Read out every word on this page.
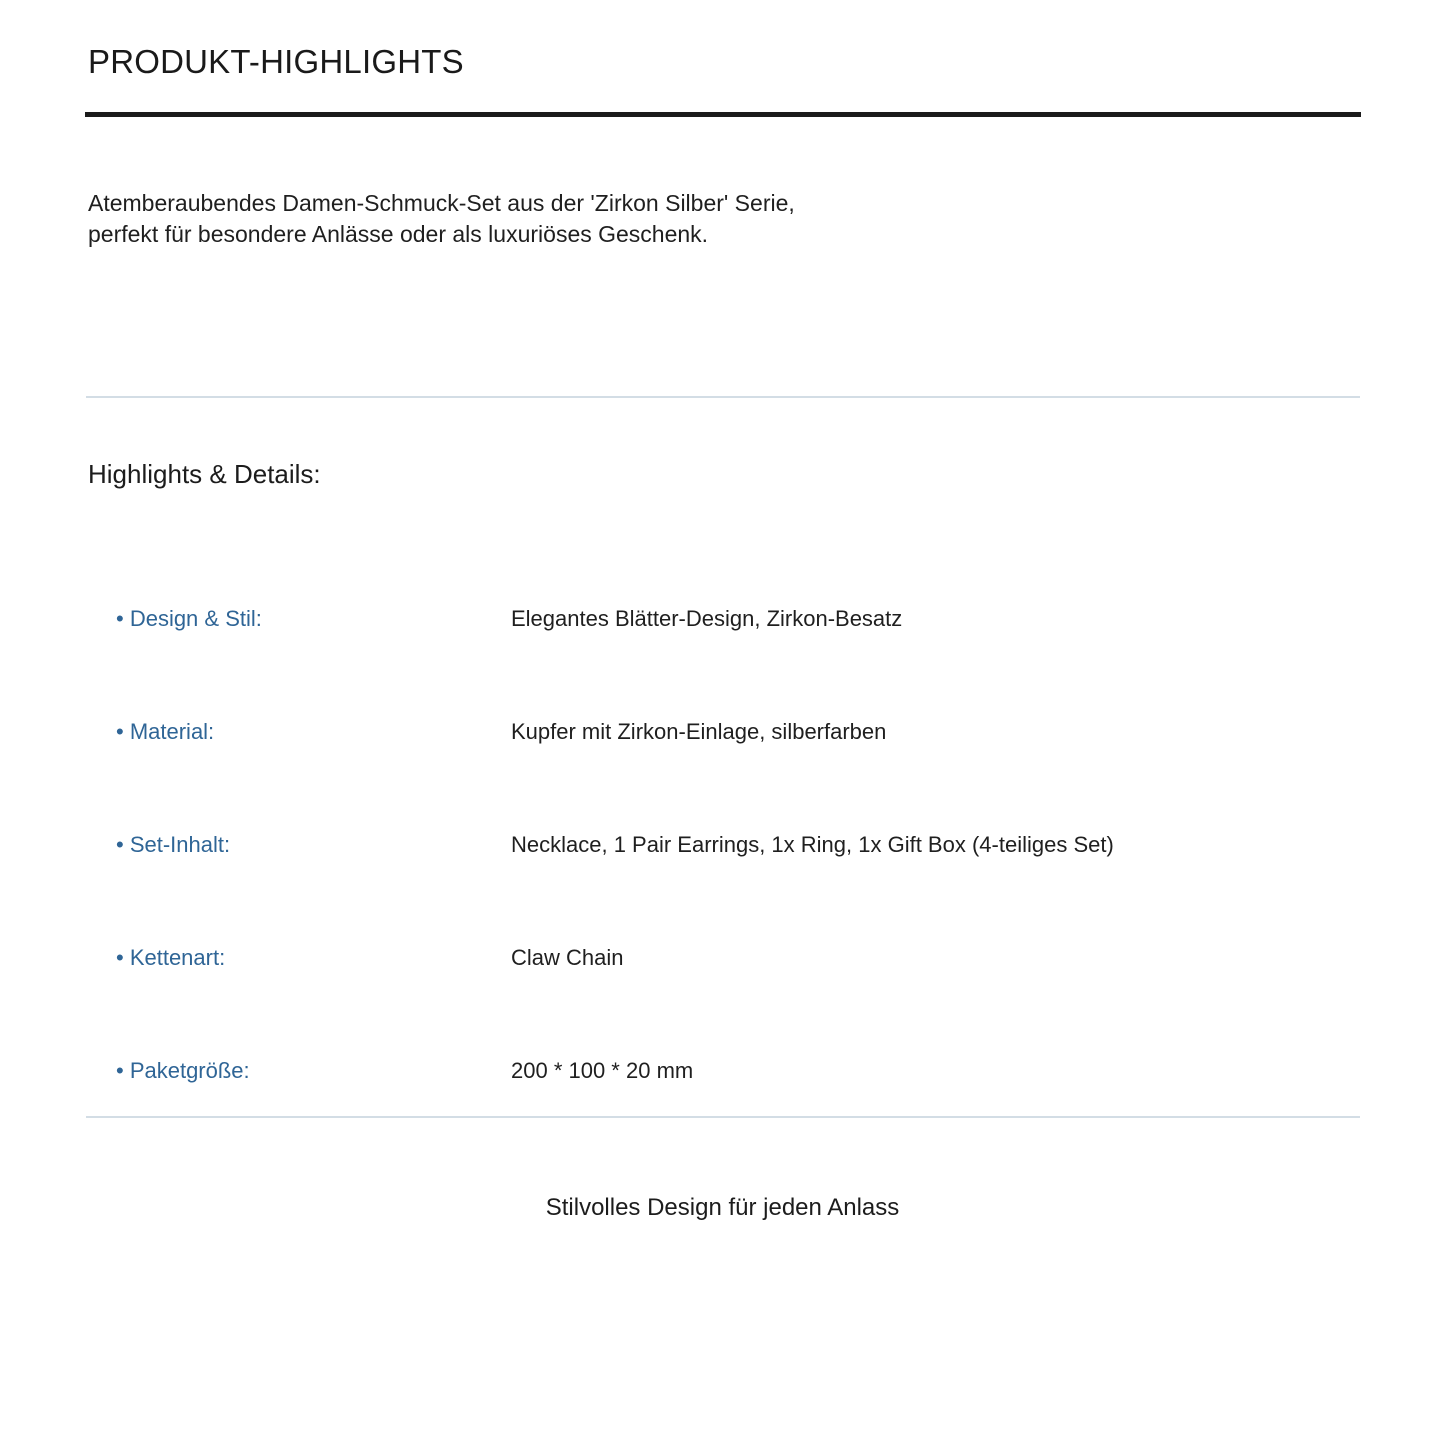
PRODUKT-HIGHLIGHTS

Atemberaubendes Damen-Schmuck-Set aus der 'Zirkon Silber' Serie,
perfekt für besondere Anlässe oder als luxuriöses Geschenk.

Highlights & Details:
• Design & Stil:	Elegantes Blätter-Design, Zirkon-Besatz
• Material:	Kupfer mit Zirkon-Einlage, silberfarben
• Set-Inhalt:	Necklace, 1 Pair Earrings, 1x Ring, 1x Gift Box (4-teiliges Set)
• Kettenart:	Claw Chain
• Paketgröße:	200 * 100 * 20 mm

Stilvolles Design für jeden Anlass
